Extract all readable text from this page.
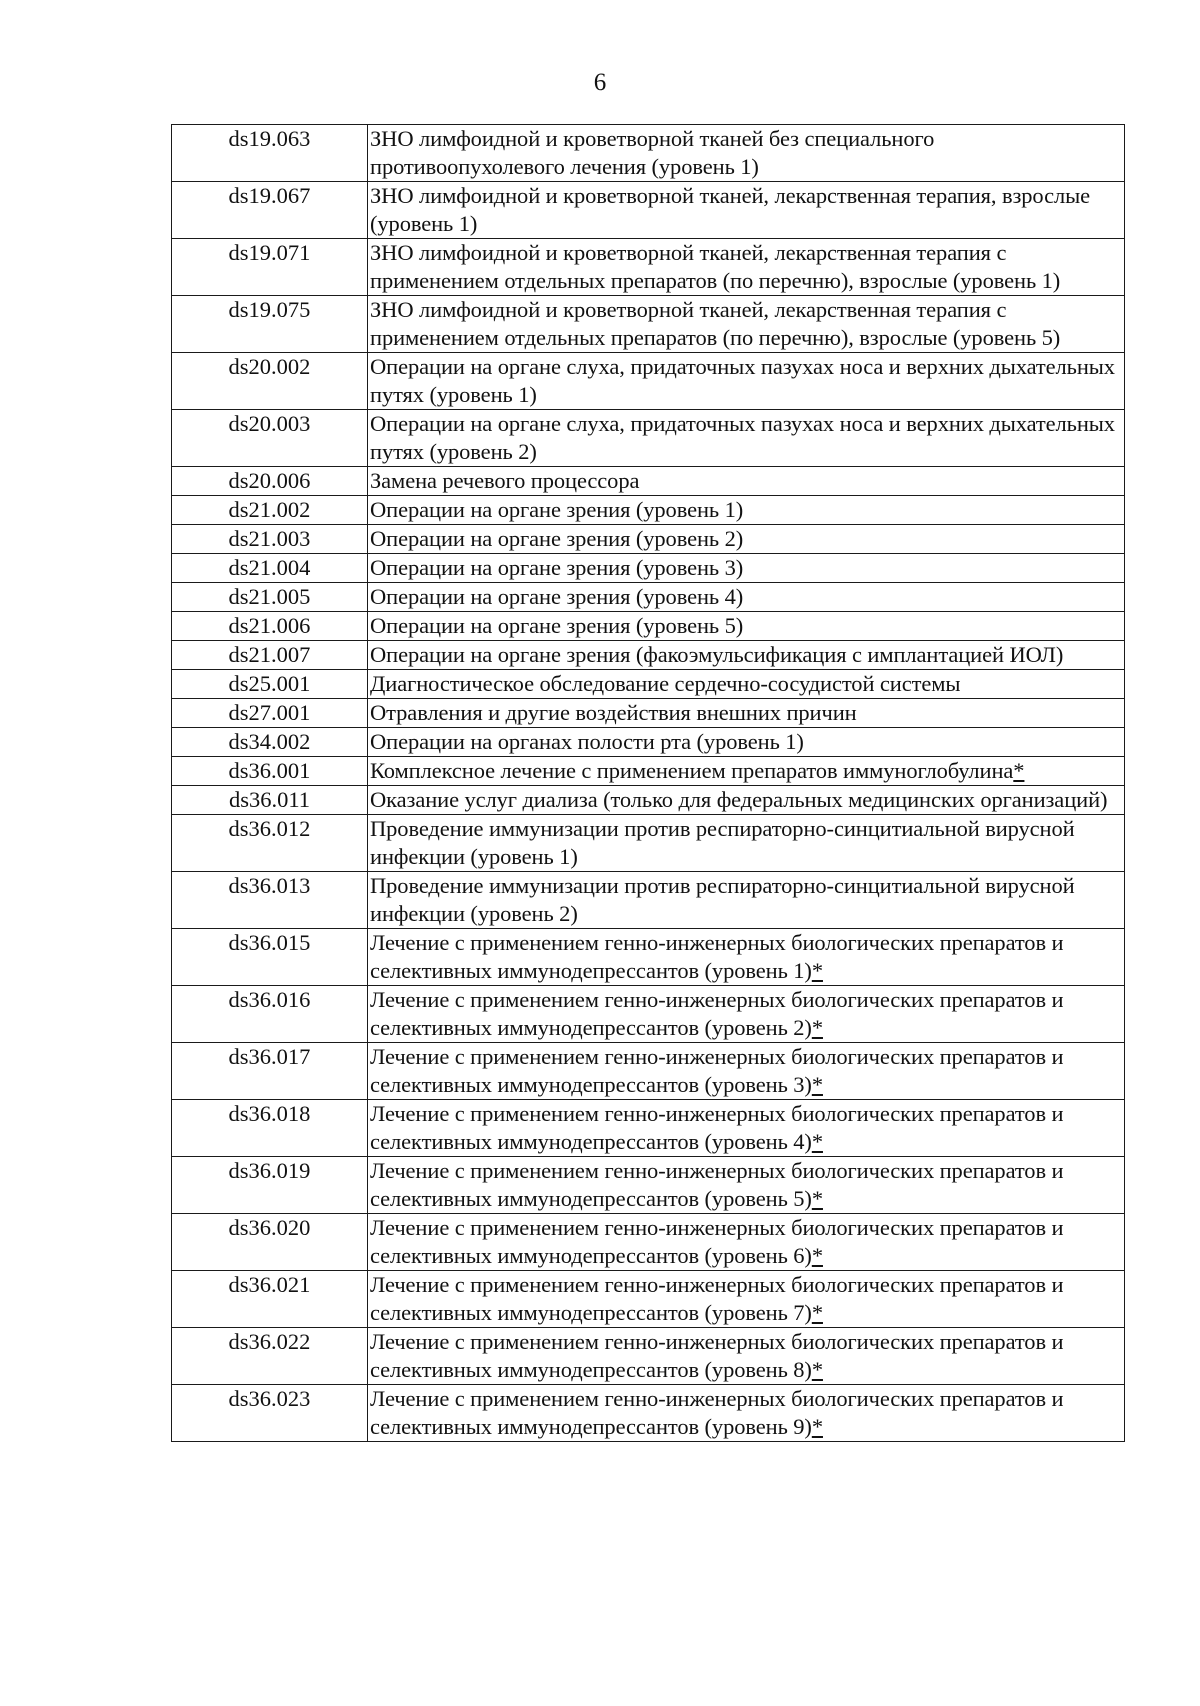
6
ds19.063	ЗНО лимфоидной и кроветворной тканей без специального противоопухолевого лечения (уровень 1)
ds19.067	ЗНО лимфоидной и кроветворной тканей, лекарственная терапия, взрослые (уровень 1)
ds19.071	ЗНО лимфоидной и кроветворной тканей, лекарственная терапия с применением отдельных препаратов (по перечню), взрослые (уровень 1)
ds19.075	ЗНО лимфоидной и кроветворной тканей, лекарственная терапия с применением отдельных препаратов (по перечню), взрослые (уровень 5)
ds20.002	Операции на органе слуха, придаточных пазухах носа и верхних дыхательных путях (уровень 1)
ds20.003	Операции на органе слуха, придаточных пазухах носа и верхних дыхательных путях (уровень 2)
ds20.006	Замена речевого процессора
ds21.002	Операции на органе зрения (уровень 1)
ds21.003	Операции на органе зрения (уровень 2)
ds21.004	Операции на органе зрения (уровень 3)
ds21.005	Операции на органе зрения (уровень 4)
ds21.006	Операции на органе зрения (уровень 5)
ds21.007	Операции на органе зрения (факоэмульсификация с имплантацией ИОЛ)
ds25.001	Диагностическое обследование сердечно-сосудистой системы
ds27.001	Отравления и другие воздействия внешних причин
ds34.002	Операции на органах полости рта (уровень 1)
ds36.001	Комплексное лечение с применением препаратов иммуноглобулина*
ds36.011	Оказание услуг диализа (только для федеральных медицинских организаций)
ds36.012	Проведение иммунизации против респираторно-синцитиальной вирусной инфекции (уровень 1)
ds36.013	Проведение иммунизации против респираторно-синцитиальной вирусной инфекции (уровень 2)
ds36.015	Лечение с применением генно-инженерных биологических препаратов и селективных иммунодепрессантов (уровень 1)*
ds36.016	Лечение с применением генно-инженерных биологических препаратов и селективных иммунодепрессантов (уровень 2)*
ds36.017	Лечение с применением генно-инженерных биологических препаратов и селективных иммунодепрессантов (уровень 3)*
ds36.018	Лечение с применением генно-инженерных биологических препаратов и селективных иммунодепрессантов (уровень 4)*
ds36.019	Лечение с применением генно-инженерных биологических препаратов и селективных иммунодепрессантов (уровень 5)*
ds36.020	Лечение с применением генно-инженерных биологических препаратов и селективных иммунодепрессантов (уровень 6)*
ds36.021	Лечение с применением генно-инженерных биологических препаратов и селективных иммунодепрессантов (уровень 7)*
ds36.022	Лечение с применением генно-инженерных биологических препаратов и селективных иммунодепрессантов (уровень 8)*
ds36.023	Лечение с применением генно-инженерных биологических препаратов и селективных иммунодепрессантов (уровень 9)*
